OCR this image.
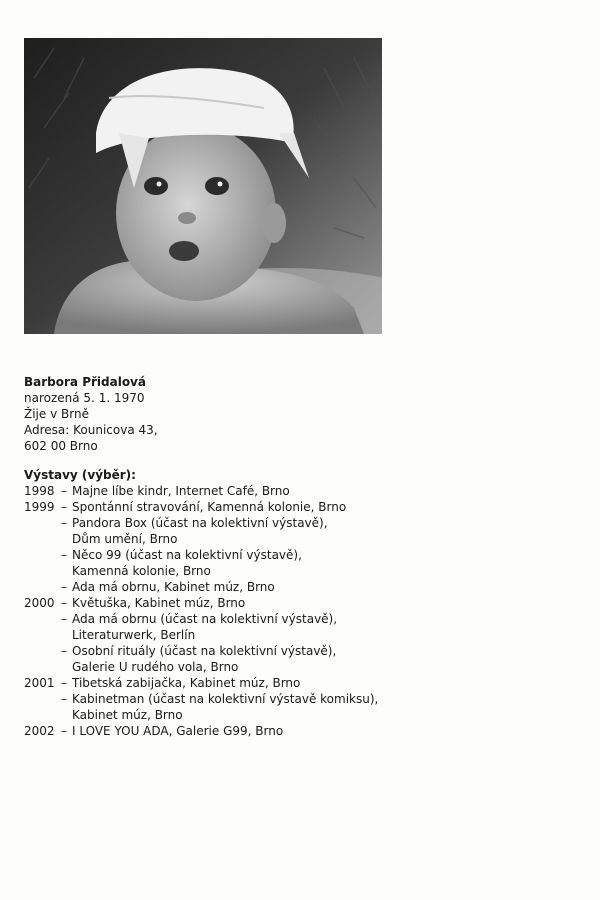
Barbora Přidalová
narozená 5. 1. 1970
Žije v Brně
Adresa: Kounicova 43,
602 00 Brno
Výstavy (výběr):
1998 – Majne líbe kindr, Internet Café, Brno
1999 – Spontánní stravování, Kamenná kolonie, Brno
– Pandora Box (účast na kolektivní výstavě),
Dům umění, Brno
– Něco 99 (účast na kolektivní výstavě),
Kamenná kolonie, Brno
– Ada má obrnu, Kabinet múz, Brno
2000 – Květuška, Kabinet múz, Brno
– Ada má obrnu (účast na kolektivní výstavě),
Literaturwerk, Berlín
– Osobní rituály (účast na kolektivní výstavě),
Galerie U rudého vola, Brno
2001 – Tibetská zabijačka, Kabinet múz, Brno
– Kabinetman (účast na kolektivní výstavě komiksu),
Kabinet múz, Brno
2002 – I LOVE YOU ADA, Galerie G99, Brno
